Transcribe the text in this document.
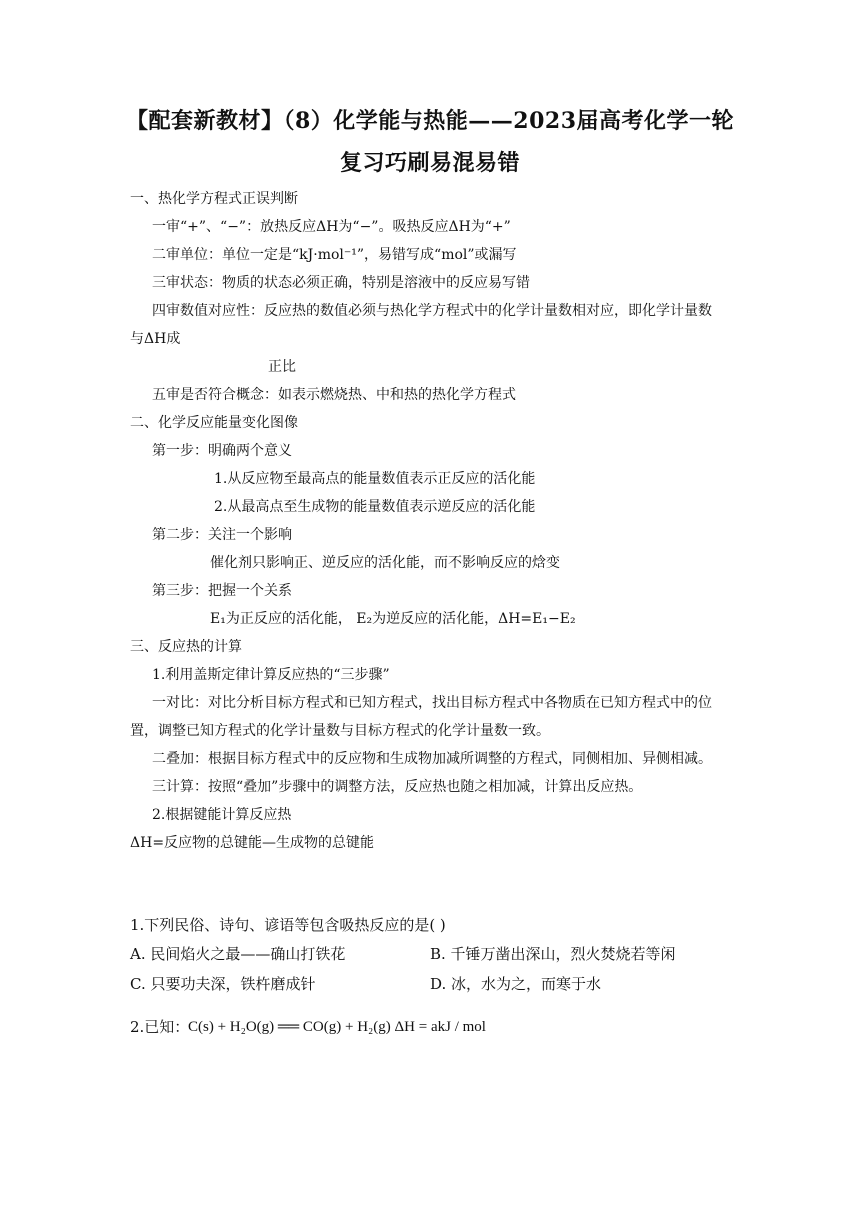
【配套新教材】（8）化学能与热能——2023届高考化学一轮
复习巧刷易混易错
一、热化学方程式正误判断
一审“+”、“−”：放热反应ΔH为“−”。吸热反应ΔH为“+”
二审单位：单位一定是“kJ·mol⁻¹”，易错写成“mol”或漏写
三审状态：物质的状态必须正确，特别是溶液中的反应易写错
四审数值对应性：反应热的数值必须与热化学方程式中的化学计量数相对应，即化学计量数
与ΔH成
正比
五审是否符合概念：如表示燃烧热、中和热的热化学方程式
二、化学反应能量变化图像
第一步：明确两个意义
1.从反应物至最高点的能量数值表示正反应的活化能
2.从最高点至生成物的能量数值表示逆反应的活化能
第二步：关注一个影响
催化剂只影响正、逆反应的活化能，而不影响反应的焓变
第三步：把握一个关系
E₁为正反应的活化能， E₂为逆反应的活化能，ΔH=E₁−E₂
三、反应热的计算
1.利用盖斯定律计算反应热的“三步骤”
一对比：对比分析目标方程式和已知方程式，找出目标方程式中各物质在已知方程式中的位
置，调整已知方程式的化学计量数与目标方程式的化学计量数一致。
二叠加：根据目标方程式中的反应物和生成物加减所调整的方程式，同侧相加、异侧相减。
三计算：按照“叠加”步骤中的调整方法，反应热也随之相加减，计算出反应热。
2.根据键能计算反应热
ΔH=反应物的总键能—生成物的总键能
1.下列民俗、诗句、谚语等包含吸热反应的是( )
A. 民间焰火之最——确山打铁花	B. 千锤万凿出深山，烈火焚烧若等闲
C. 只要功夫深，铁杵磨成针	D. 冰，水为之，而寒于水
2.已知：
C(s) + H₂O(g) ══ CO(g) + H₂(g) ΔH = akJ / mol
